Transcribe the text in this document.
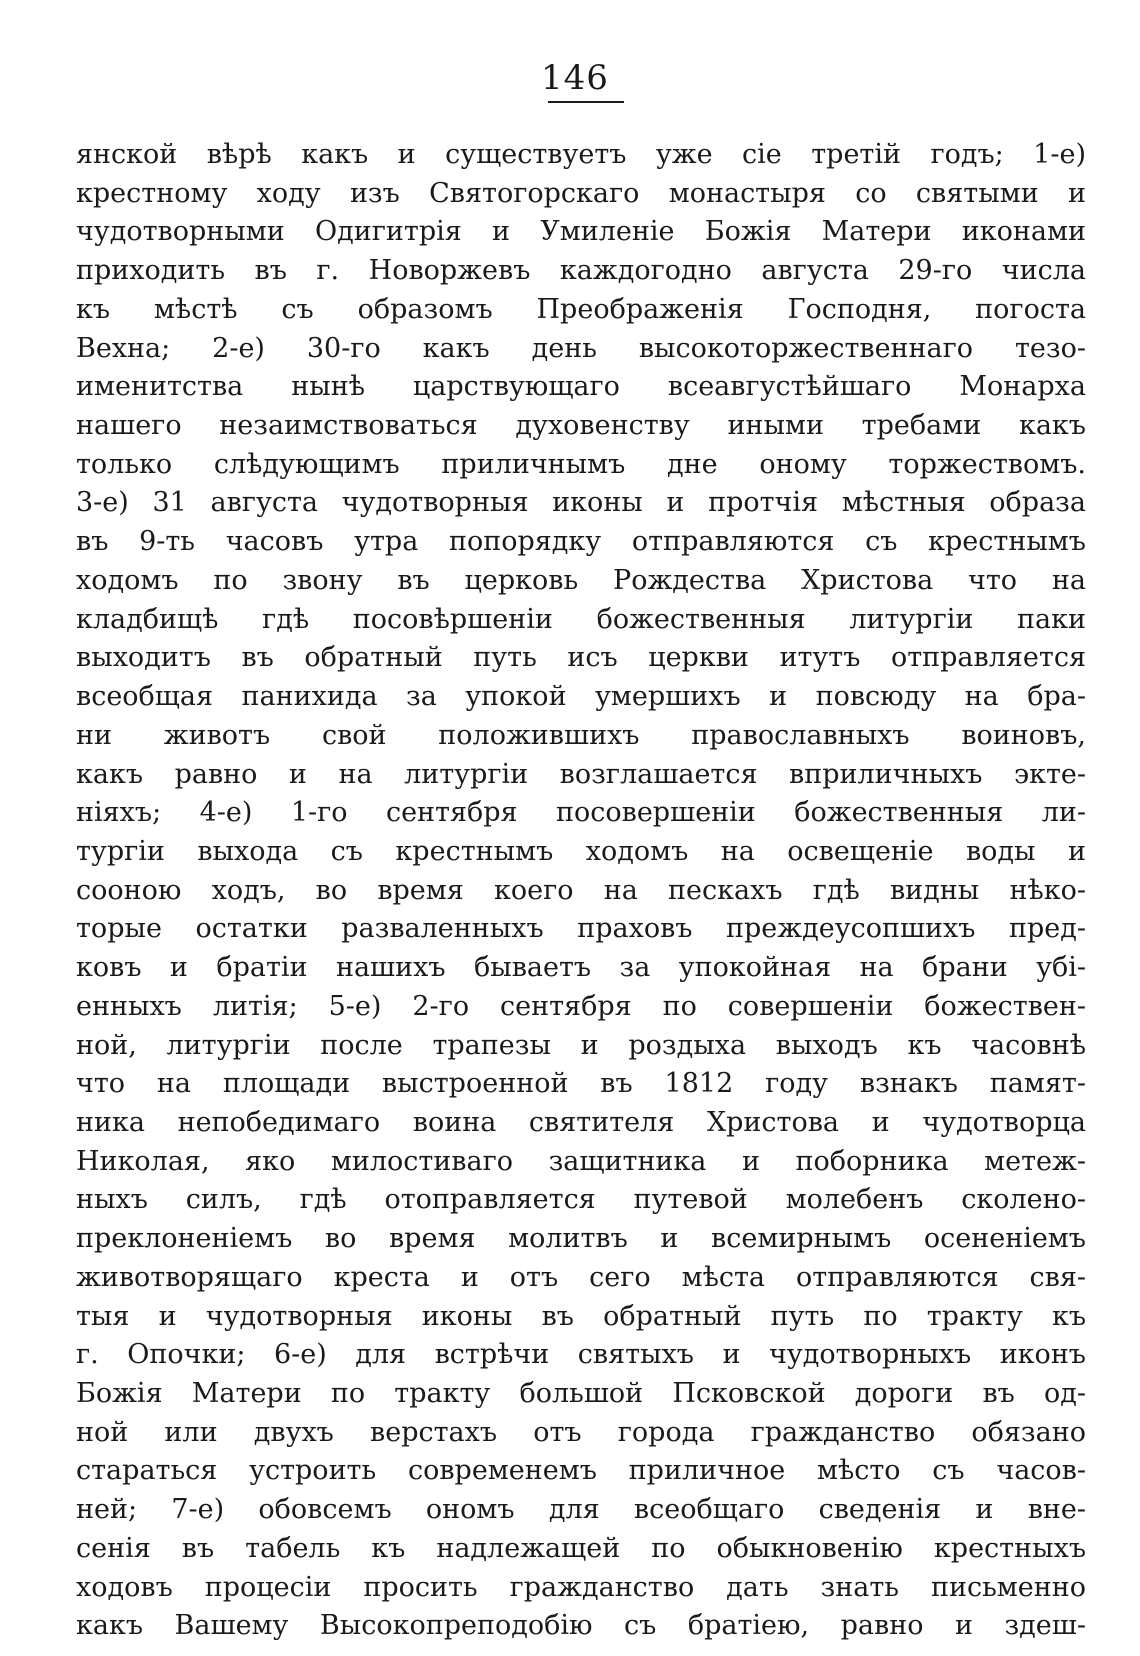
146
янской вѣрѣ какъ и существуетъ уже сіе третій годъ; 1-е)
крестному ходу изъ Святогорскаго монастыря со святыми и
чудотворными Одигитрія и Умиленіе Божія Матери иконами
приходить въ г. Новоржевъ каждогодно августа 29-го числа
къ мѣстѣ съ образомъ Преображенія Господня, погоста
Вехна; 2-е) 30-го какъ день высокоторжественнаго тезо-
именитства нынѣ царствующаго всеавгустѣйшаго Монарха
нашего незаимствоваться духовенству иными требами какъ
только слѣдующимъ приличнымъ дне оному торжествомъ.
3-е) 31 августа чудотворныя иконы и протчія мѣстныя образа
въ 9-ть часовъ утра попорядку отправляются съ крестнымъ
ходомъ по звону въ церковь Рождества Христова что на
кладбищѣ гдѣ посовѣршеніи божественныя литургіи паки
выходитъ въ обратный путь исъ церкви итутъ отправляется
всеобщая панихида за упокой умершихъ и повсюду на бра-
ни животъ свой положившихъ православныхъ воиновъ,
какъ равно и на литургіи возглашается вприличныхъ экте-
ніяхъ; 4-е) 1-го сентября посовершеніи божественныя ли-
тургіи выхода съ крестнымъ ходомъ на освещеніе воды и
сооною ходъ, во время коего на пескахъ гдѣ видны нѣко-
торые остатки разваленныхъ праховъ преждеусопшихъ пред-
ковъ и братіи нашихъ бываетъ за упокойная на брани убі-
енныхъ литія; 5-е) 2-го сентября по совершеніи божествен-
ной, литургіи после трапезы и роздыха выходъ къ часовнѣ
что на площади выстроенной въ 1812 году взнакъ памят-
ника непобедимаго воина святителя Христова и чудотворца
Николая, яко милостиваго защитника и поборника метеж-
ныхъ силъ, гдѣ отоправляется путевой молебенъ сколено-
преклоненіемъ во время молитвъ и всемирнымъ осененіемъ
животворящаго креста и отъ сего мѣста отправляются свя-
тыя и чудотворныя иконы въ обратный путь по тракту къ
г. Опочки; 6-е) для встрѣчи святыхъ и чудотворныхъ иконъ
Божія Матери по тракту большой Псковской дороги въ од-
ной или двухъ верстахъ отъ города гражданство обязано
стараться устроить современемъ приличное мѣсто съ часов-
ней; 7-е) обовсемъ ономъ для всеобщаго сведенія и вне-
сенія въ табель къ надлежащей по обыкновенію крестныхъ
ходовъ процесіи просить гражданство дать знать письменно
какъ Вашему Высокопреподобію съ братіею, равно и здеш-
